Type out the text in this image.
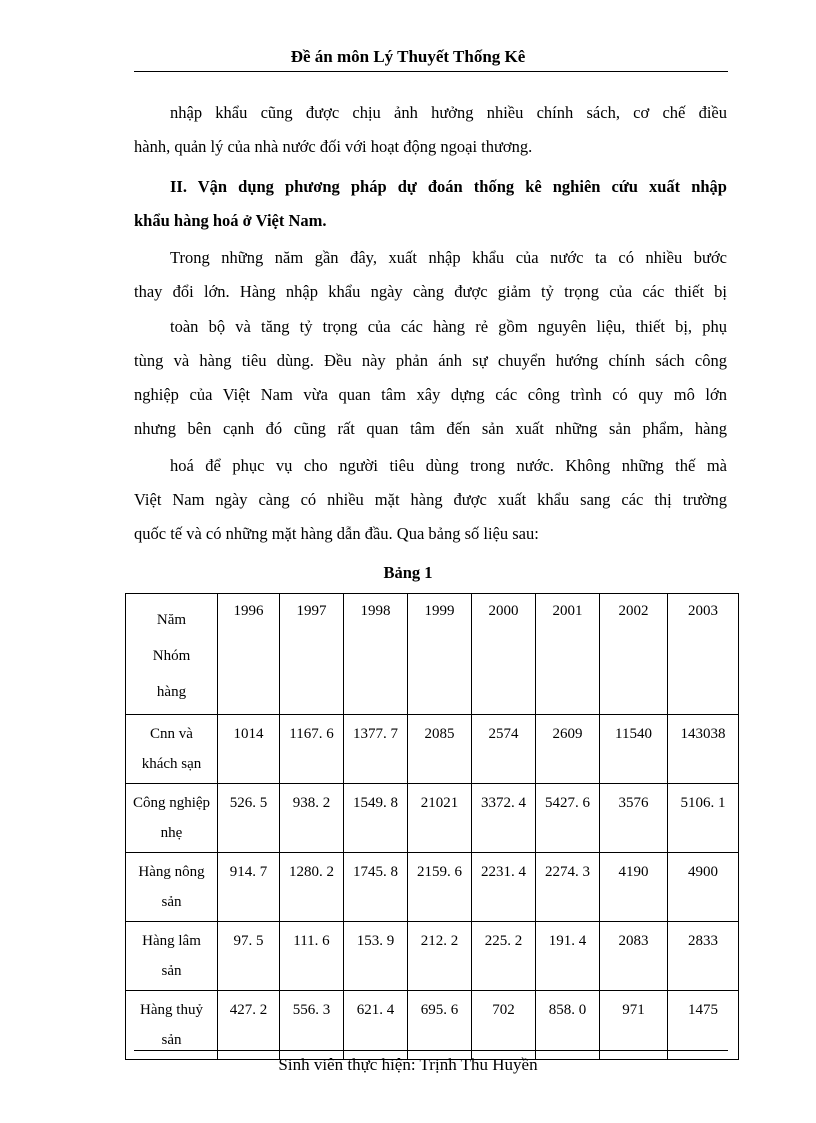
Đề án môn Lý Thuyết Thống Kê
nhập khẩu cũng được chịu ảnh hưởng nhiều chính sách, cơ chế điều
hành, quản lý của nhà nước đối với hoạt động ngoại thương.
II. Vận dụng phương pháp dự đoán thống kê nghiên cứu xuất nhập
khẩu hàng hoá ở Việt Nam.
Trong những năm gần đây, xuất nhập khẩu của nước ta có nhiều bước
thay đổi lớn. Hàng nhập khẩu ngày càng được giảm tỷ trọng của các thiết bị
toàn bộ và tăng tỷ trọng của các hàng rẻ gồm nguyên liệu, thiết bị, phụ
tùng và hàng tiêu dùng. Đều này phản ánh sự chuyển hướng chính sách công
nghiệp của Việt Nam vừa quan tâm xây dựng các công trình có quy mô lớn
nhưng bên cạnh đó cũng rất quan tâm đến sản xuất những sản phẩm, hàng
hoá để phục vụ cho người tiêu dùng trong nước. Không những thế mà
Việt Nam ngày càng có nhiều mặt hàng được xuất khẩu sang các thị trường
quốc tế và có những mặt hàng dẫn đầu. Qua bảng số liệu sau:
Bảng 1
Năm
Nhóm
hàng	1996	1997	1998	1999	2000	2001	2002	2003

Cnn và
khách sạn	1014	1167. 6	1377. 7	2085	2574	2609	11540	143038

Công nghiệp
nhẹ	526. 5	938. 2	1549. 8	21021	3372. 4	5427. 6	3576	5106. 1

Hàng nông
sản	914. 7	1280. 2	1745. 8	2159. 6	2231. 4	2274. 3	4190	4900

Hàng lâm
sản	97. 5	111. 6	153. 9	212. 2	225. 2	191. 4	2083	2833

Hàng thuỷ
sản	427. 2	556. 3	621. 4	695. 6	702	858. 0	971	1475
Sinh viên thực hiện: Trịnh Thu Huyền
